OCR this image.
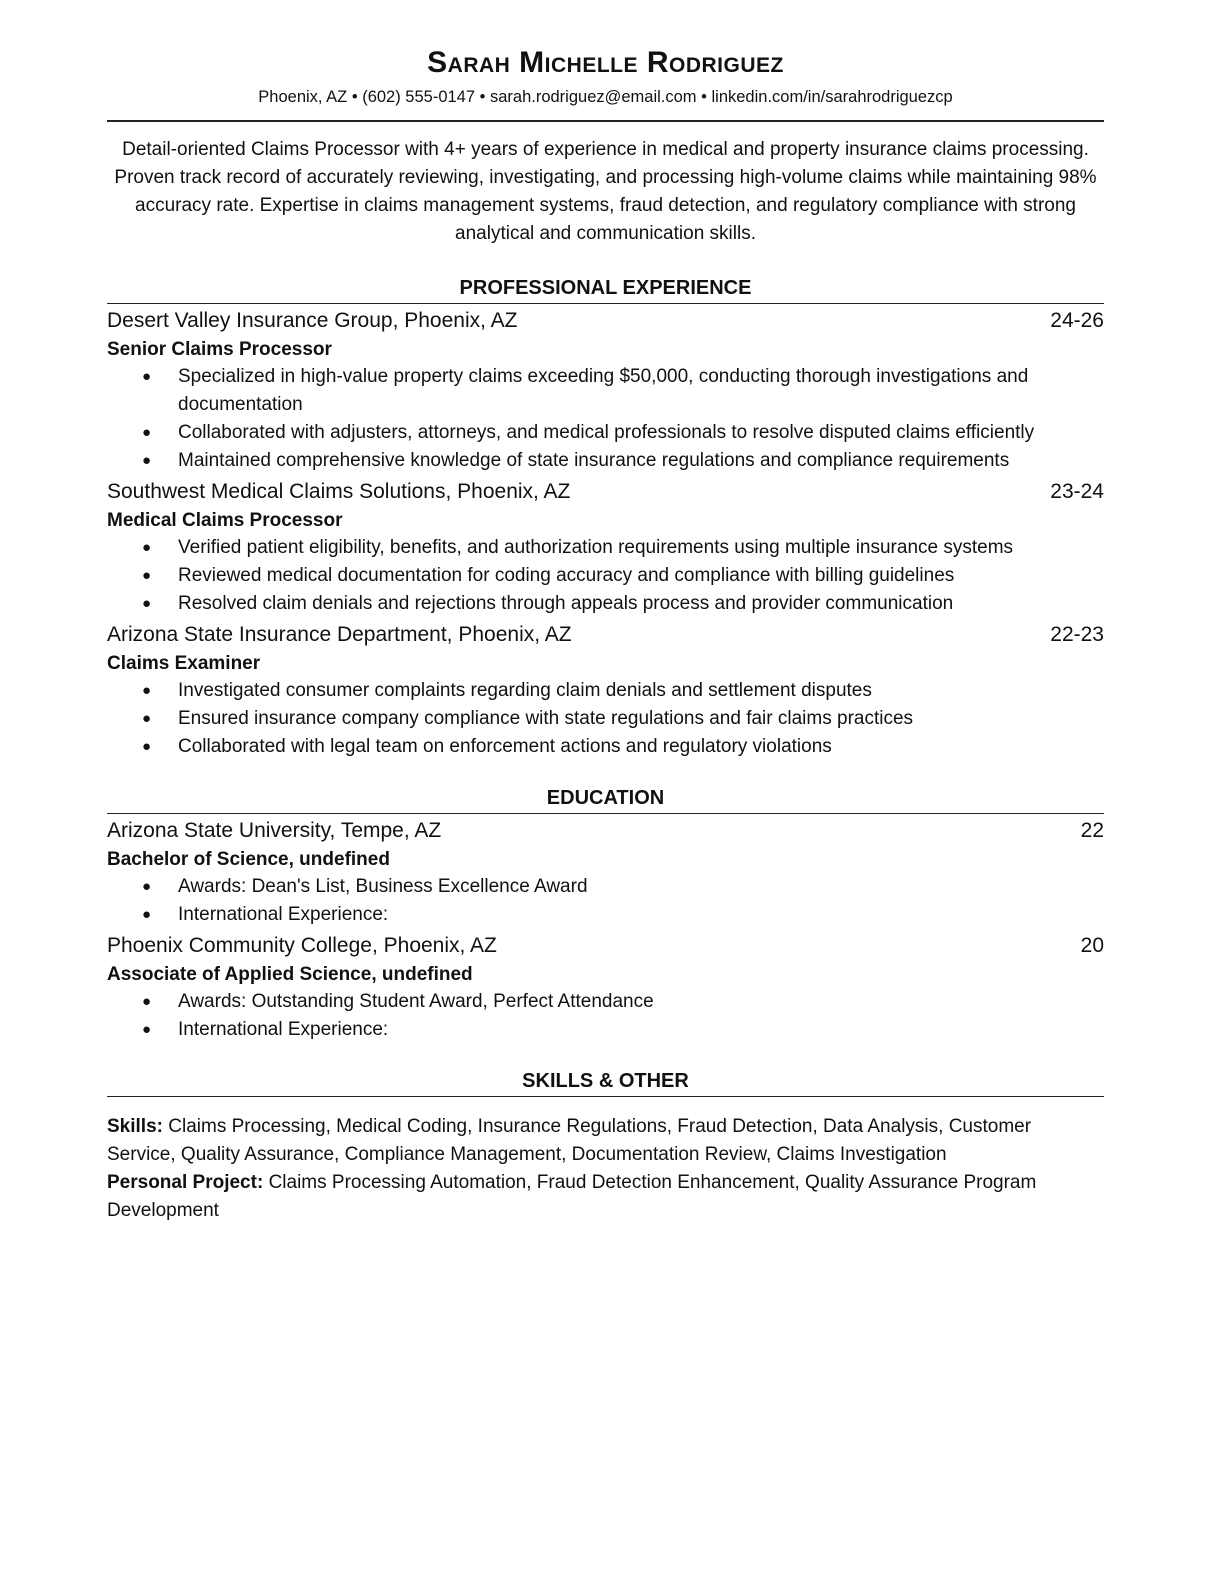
Sarah Michelle Rodriguez
Phoenix, AZ • (602) 555-0147 • sarah.rodriguez@email.com • linkedin.com/in/sarahrodriguezcp
Detail-oriented Claims Processor with 4+ years of experience in medical and property insurance claims processing. Proven track record of accurately reviewing, investigating, and processing high-volume claims while maintaining 98% accuracy rate. Expertise in claims management systems, fraud detection, and regulatory compliance with strong analytical and communication skills.
PROFESSIONAL EXPERIENCE
Desert Valley Insurance Group, Phoenix, AZ	24-26
Senior Claims Processor
● Specialized in high-value property claims exceeding $50,000, conducting thorough investigations and documentation
● Collaborated with adjusters, attorneys, and medical professionals to resolve disputed claims efficiently
● Maintained comprehensive knowledge of state insurance regulations and compliance requirements
Southwest Medical Claims Solutions, Phoenix, AZ	23-24
Medical Claims Processor
● Verified patient eligibility, benefits, and authorization requirements using multiple insurance systems
● Reviewed medical documentation for coding accuracy and compliance with billing guidelines
● Resolved claim denials and rejections through appeals process and provider communication
Arizona State Insurance Department, Phoenix, AZ	22-23
Claims Examiner
● Investigated consumer complaints regarding claim denials and settlement disputes
● Ensured insurance company compliance with state regulations and fair claims practices
● Collaborated with legal team on enforcement actions and regulatory violations
EDUCATION
Arizona State University, Tempe, AZ	22
Bachelor of Science, undefined
● Awards: Dean's List, Business Excellence Award
● International Experience:
Phoenix Community College, Phoenix, AZ	20
Associate of Applied Science, undefined
● Awards: Outstanding Student Award, Perfect Attendance
● International Experience:
SKILLS & OTHER
Skills: Claims Processing, Medical Coding, Insurance Regulations, Fraud Detection, Data Analysis, Customer Service, Quality Assurance, Compliance Management, Documentation Review, Claims Investigation
Personal Project: Claims Processing Automation, Fraud Detection Enhancement, Quality Assurance Program Development
